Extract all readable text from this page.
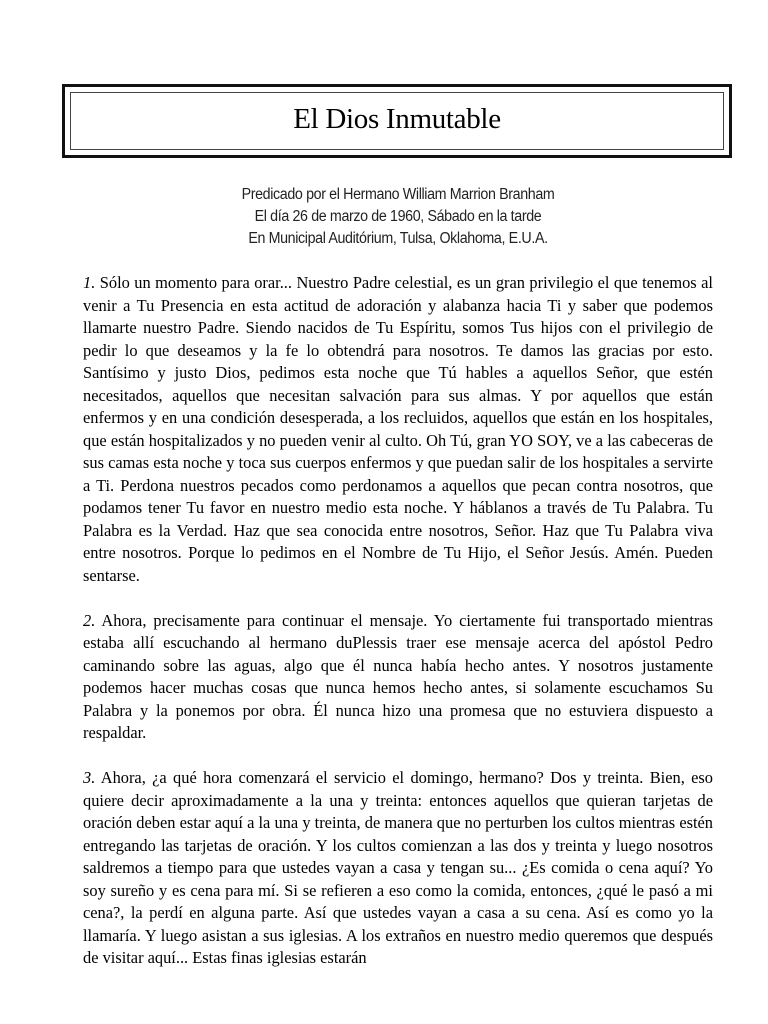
El Dios Inmutable
Predicado por el Hermano William Marrion Branham
El día 26 de marzo de 1960, Sábado en la tarde
En Municipal Auditórium, Tulsa, Oklahoma, E.U.A.

1. Sólo un momento para orar... Nuestro Padre celestial, es un gran privilegio el que tenemos al venir a Tu Presencia en esta actitud de adoración y alabanza hacia Ti y saber que podemos llamarte nuestro Padre. Siendo nacidos de Tu Espíritu, somos Tus hijos con el privilegio de pedir lo que deseamos y la fe lo obtendrá para nosotros. Te damos las gracias por esto. Santísimo y justo Dios, pedimos esta noche que Tú hables a aquellos Señor, que estén necesitados, aquellos que necesitan salvación para sus almas. Y por aquellos que están enfermos y en una condición desesperada, a los recluidos, aquellos que están en los hospitales, que están hospitalizados y no pueden venir al culto. Oh Tú, gran YO SOY, ve a las cabeceras de sus camas esta noche y toca sus cuerpos enfermos y que puedan salir de los hospitales a servirte a Ti. Perdona nuestros pecados como perdonamos a aquellos que pecan contra nosotros, que podamos tener Tu favor en nuestro medio esta noche. Y háblanos a través de Tu Palabra. Tu Palabra es la Verdad. Haz que sea conocida entre nosotros, Señor. Haz que Tu Palabra viva entre nosotros. Porque lo pedimos en el Nombre de Tu Hijo, el Señor Jesús. Amén. Pueden sentarse.

2. Ahora, precisamente para continuar el mensaje. Yo ciertamente fui transportado mientras estaba allí escuchando al hermano duPlessis traer ese mensaje acerca del apóstol Pedro caminando sobre las aguas, algo que él nunca había hecho antes. Y nosotros justamente podemos hacer muchas cosas que nunca hemos hecho antes, si solamente escuchamos Su Palabra y la ponemos por obra. Él nunca hizo una promesa que no estuviera dispuesto a respaldar.

3. Ahora, ¿a qué hora comenzará el servicio el domingo, hermano? Dos y treinta. Bien, eso quiere decir aproximadamente a la una y treinta: entonces aquellos que quieran tarjetas de oración deben estar aquí a la una y treinta, de manera que no perturben los cultos mientras estén entregando las tarjetas de oración. Y los cultos comienzan a las dos y treinta y luego nosotros saldremos a tiempo para que ustedes vayan a casa y tengan su... ¿Es comida o cena aquí? Yo soy sureño y es cena para mí. Si se refieren a eso como la comida, entonces, ¿qué le pasó a mi cena?, la perdí en alguna parte. Así que ustedes vayan a casa a su cena. Así es como yo la llamaría. Y luego asistan a sus iglesias. A los extraños en nuestro medio queremos que después de visitar aquí... Estas finas iglesias estarán
